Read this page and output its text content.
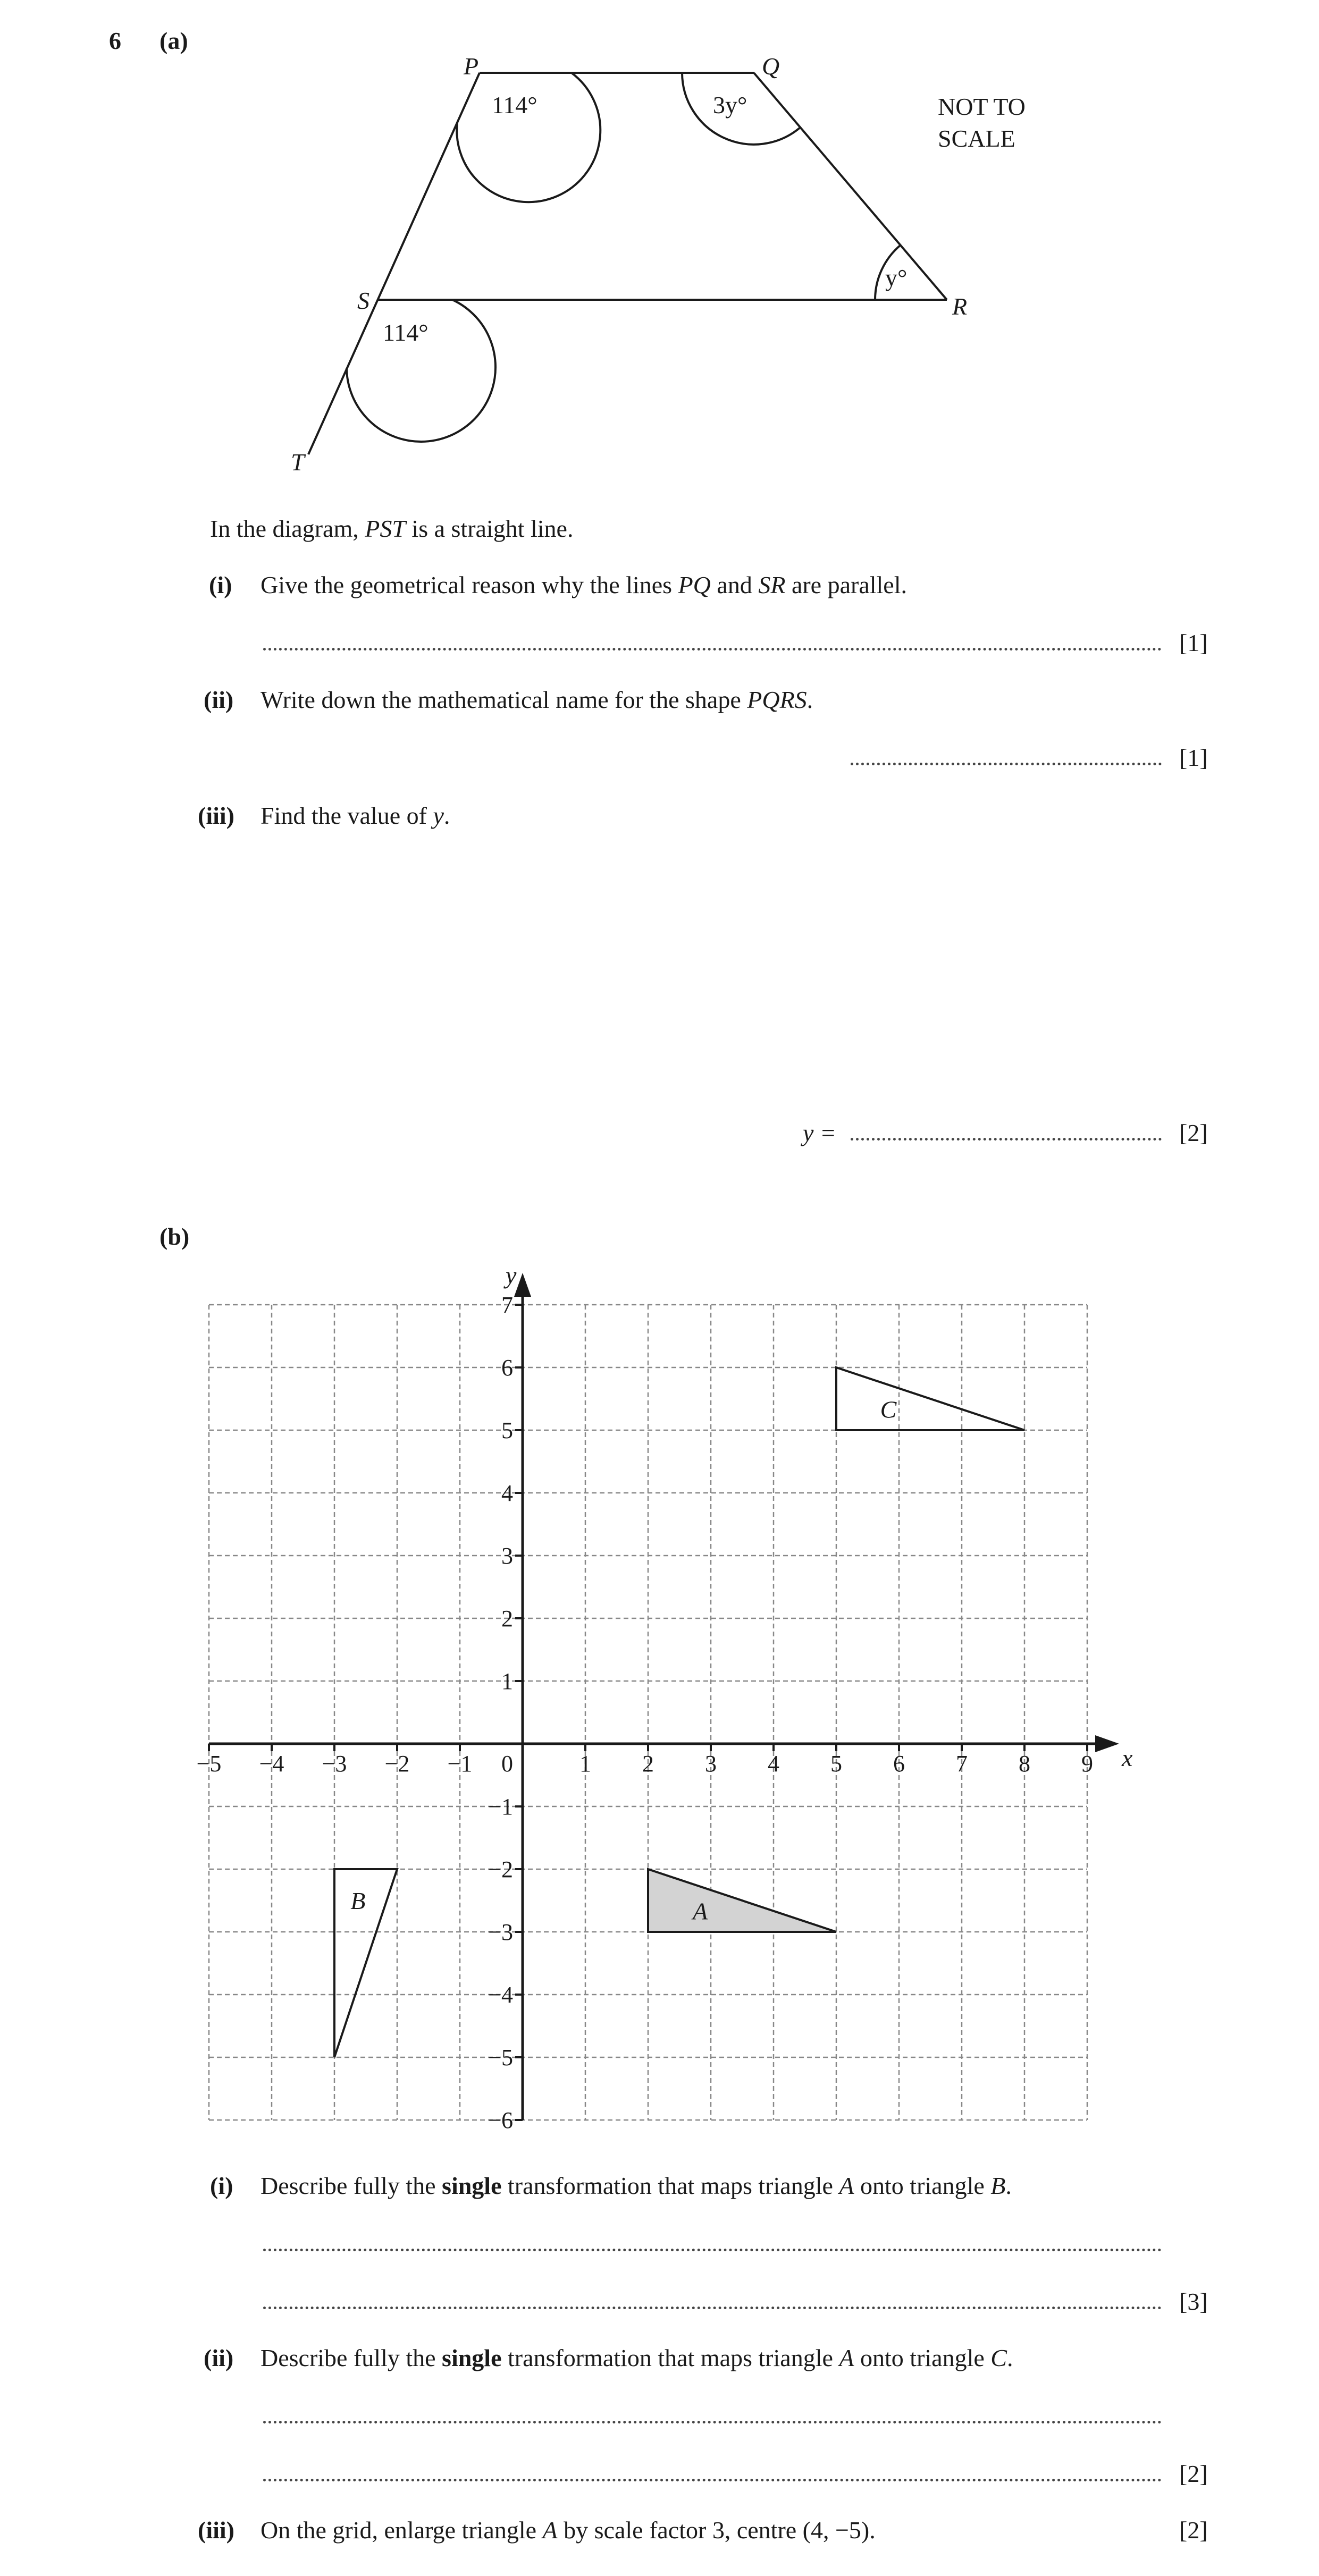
6 (a)
P	Q
R
S
T
114°	3y°
y°
114°
NOT TO
SCALE
In the diagram, PST is a straight line.
(i) Give the geometrical reason why the lines PQ and SR are parallel.
[1]
(ii) Write down the mathematical name for the shape PQRS.
[1]
(iii) Find the value of y.
y =	[2]
(b)
x
y
−5 −4 −3 −2 −1	1 2 3 4 5 6 7 8 9
7
6
5
4
3
2
1
−1
−2
−3
−4
−5
−6
0
A
B
C
(i) Describe fully the single transformation that maps triangle A onto triangle B.
[3]
(ii) Describe fully the single transformation that maps triangle A onto triangle C.
[2]
(iii) On the grid, enlarge triangle A by scale factor 3, centre (4, −5).	[2]
